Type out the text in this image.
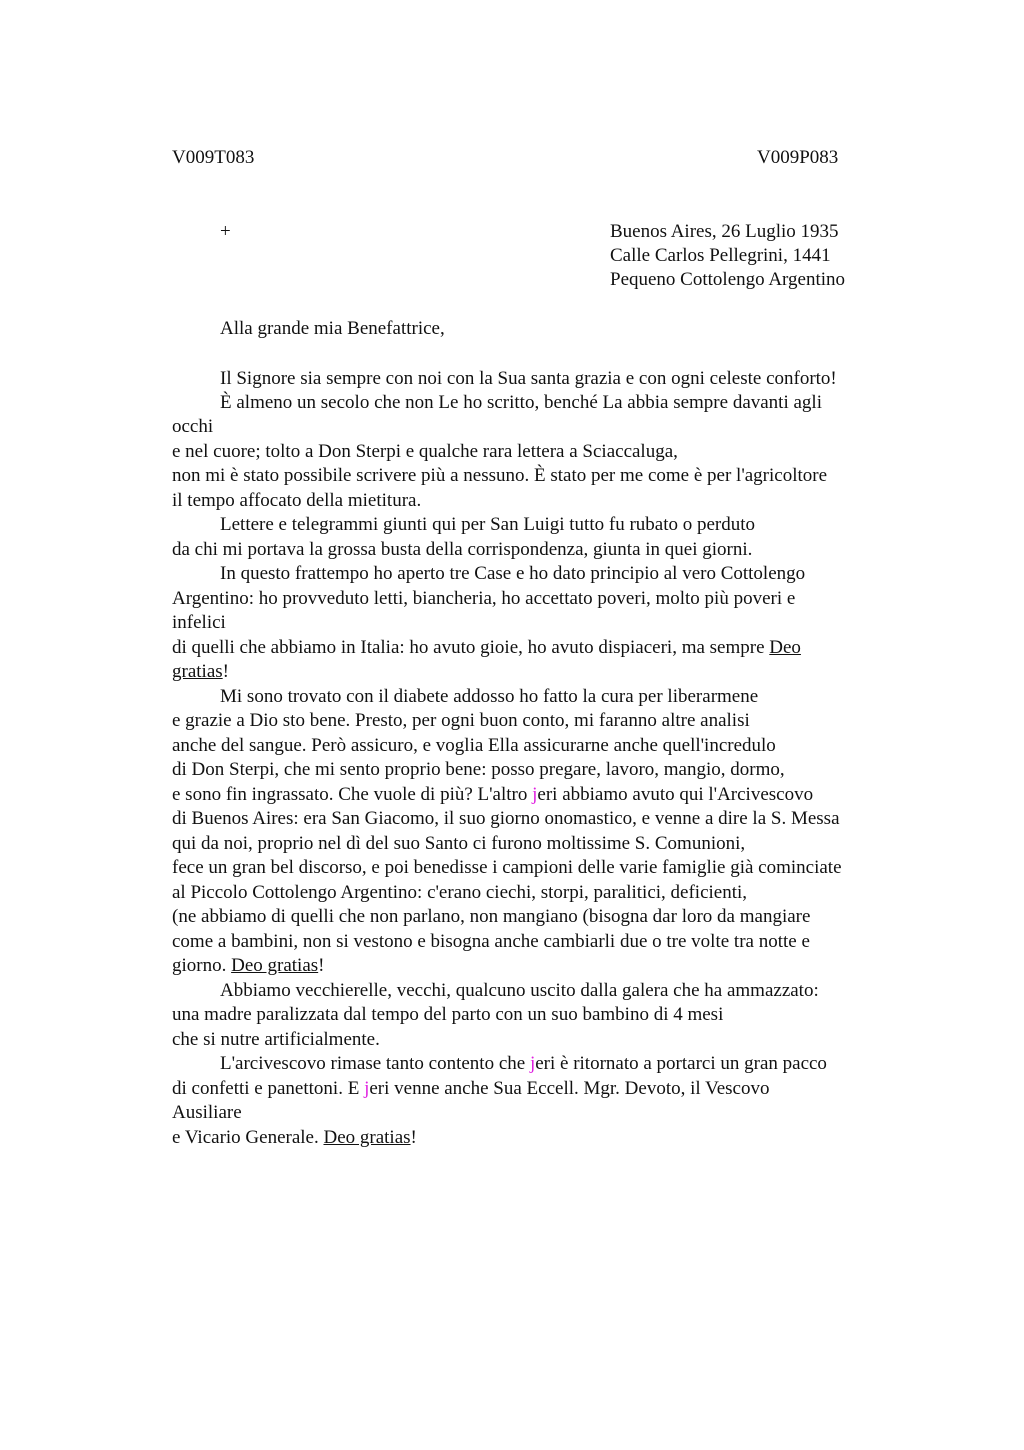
V009T083	V009P083
+	Buenos Aires, 26 Luglio 1935
Calle Carlos Pellegrini, 1441
Pequeno Cottolengo Argentino
Alla grande mia Benefattrice,
Il Signore sia sempre con noi con la Sua santa grazia e con ogni celeste conforto!
È almeno un secolo che non Le ho scritto, benché La abbia sempre davanti agli
occhi
e nel cuore; tolto a Don Sterpi e qualche rara lettera a Sciaccaluga,
non mi è stato possibile scrivere più a nessuno. È stato per me come è per l'agricoltore
il tempo affocato della mietitura.
Lettere e telegrammi giunti qui per San Luigi tutto fu rubato o perduto
da chi mi portava la grossa busta della corrispondenza, giunta in quei giorni.
In questo frattempo ho aperto tre Case e ho dato principio al vero Cottolengo
Argentino: ho provveduto letti, biancheria, ho accettato poveri, molto più poveri e
infelici
di quelli che abbiamo in Italia: ho avuto gioie, ho avuto dispiaceri, ma sempre Deo
gratias!
Mi sono trovato con il diabete addosso ho fatto la cura per liberarmene
e grazie a Dio sto bene. Presto, per ogni buon conto, mi faranno altre analisi
anche del sangue. Però assicuro, e voglia Ella assicurarne anche quell'incredulo
di Don Sterpi, che mi sento proprio bene: posso pregare, lavoro, mangio, dormo,
e sono fin ingrassato. Che vuole di più? L'altro jeri abbiamo avuto qui l'Arcivescovo
di Buenos Aires: era San Giacomo, il suo giorno onomastico, e venne a dire la S. Messa
qui da noi, proprio nel dì del suo Santo ci furono moltissime S. Comunioni,
fece un gran bel discorso, e poi benedisse i campioni delle varie famiglie già cominciate
al Piccolo Cottolengo Argentino: c'erano ciechi, storpi, paralitici, deficienti,
(ne abbiamo di quelli che non parlano, non mangiano (bisogna dar loro da mangiare
come a bambini, non si vestono e bisogna anche cambiarli due o tre volte tra notte e
giorno. Deo gratias!
Abbiamo vecchierelle, vecchi, qualcuno uscito dalla galera che ha ammazzato:
una madre paralizzata dal tempo del parto con un suo bambino di 4 mesi
che si nutre artificialmente.
L'arcivescovo rimase tanto contento che jeri è ritornato a portarci un gran pacco
di confetti e panettoni. E jeri venne anche Sua Eccell. Mgr. Devoto, il Vescovo
Ausiliare
e Vicario Generale. Deo gratias!
